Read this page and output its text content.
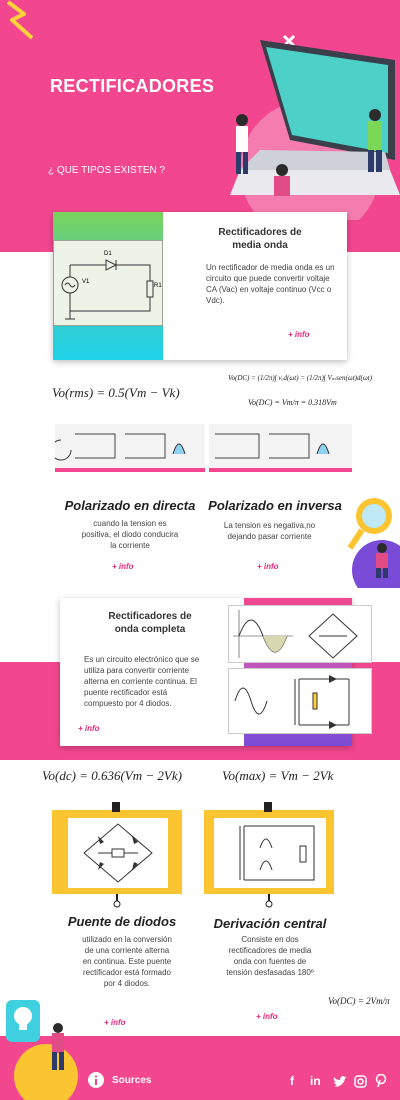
RECTIFICADORES
¿ QUE TIPOS EXISTEN ?
D1
V1
R1
Rectificadores de
media onda
Un rectificador de media onda es un circuito que puede convertir voltaje CA (Vac) en voltaje continuo (Vcc o Vdc).
+ info
Vo(rms) = 0.5(Vm − Vk)
Vo(DC) = (1/2π)∫ vₒd(ωt) = (1/2π)∫ Vₘsen(ωt)d(ωt)
Vo(DC) = Vm/π = 0.318Vm
Polarizado en directa
cuando la tension es positiva, el diodo conducira la corriente
+ info
Polarizado en inversa
La tension es negativa,no dejando pasar corriente
+ info
Rectificadores de
onda completa
Es un circuito electrónico que se utiliza para convertir corriente alterna en corriente continua. El puente rectificador está compuesto por 4 diodos.
+ info
Vo(dc) = 0.636(Vm − 2Vk)	Vo(max) = Vm − 2Vk
Puente de diodos
utilizado en la conversión de una corriente alterna en continua. Este puente rectificador está formado por 4 diodos.
+ info
Derivación central
Consiste en dos rectificadores de media onda con fuentes de tensión desfasadas 180º
+ info
Vo(DC) = 2Vm/π
Sources	f in
